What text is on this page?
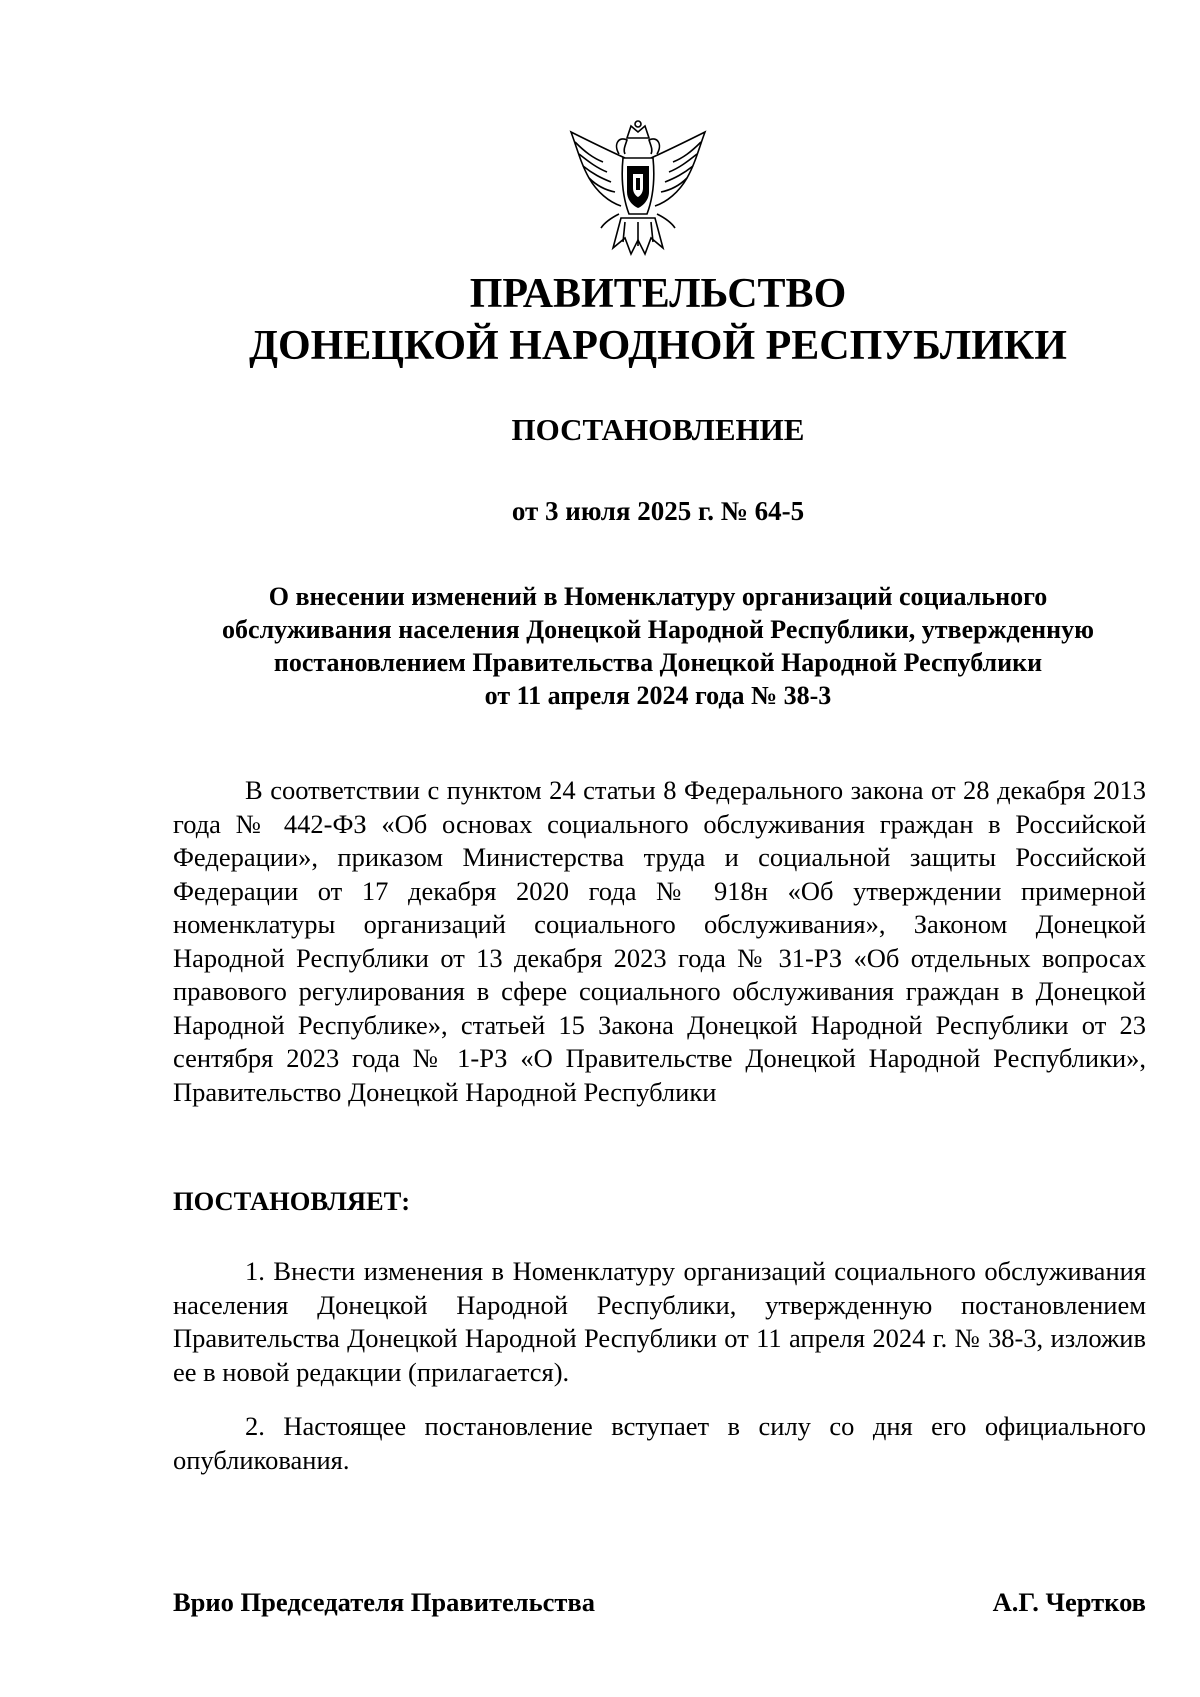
ПРАВИТЕЛЬСТВО
ДОНЕЦКОЙ НАРОДНОЙ РЕСПУБЛИКИ
ПОСТАНОВЛЕНИЕ
от 3 июля 2025 г. № 64-5
О внесении изменений в Номенклатуру организаций социального
обслуживания населения Донецкой Народной Республики, утвержденную
постановлением Правительства Донецкой Народной Республики
от 11 апреля 2024 года № 38-3
В соответствии с пунктом 24 статьи 8 Федерального закона от 28 декабря 2013 года № 442-ФЗ «Об основах социального обслуживания граждан в Российской Федерации», приказом Министерства труда и социальной защиты Российской Федерации от 17 декабря 2020 года № 918н «Об утверждении примерной номенклатуры организаций социального обслуживания», Законом Донецкой Народной Республики от 13 декабря 2023 года № 31-РЗ «Об отдельных вопросах правового регулирования в сфере социального обслуживания граждан в Донецкой Народной Республике», статьей 15 Закона Донецкой Народной Республики от 23 сентября 2023 года № 1-РЗ «О Правительстве Донецкой Народной Республики», Правительство Донецкой Народной Республики
ПОСТАНОВЛЯЕТ:
1. Внести изменения в Номенклатуру организаций социального обслуживания населения Донецкой Народной Республики, утвержденную постановлением Правительства Донецкой Народной Республики от 11 апреля 2024 г. № 38-3, изложив ее в новой редакции (прилагается).
2. Настоящее постановление вступает в силу со дня его официального опубликования.
Врио Председателя Правительства	А.Г. Чертков
